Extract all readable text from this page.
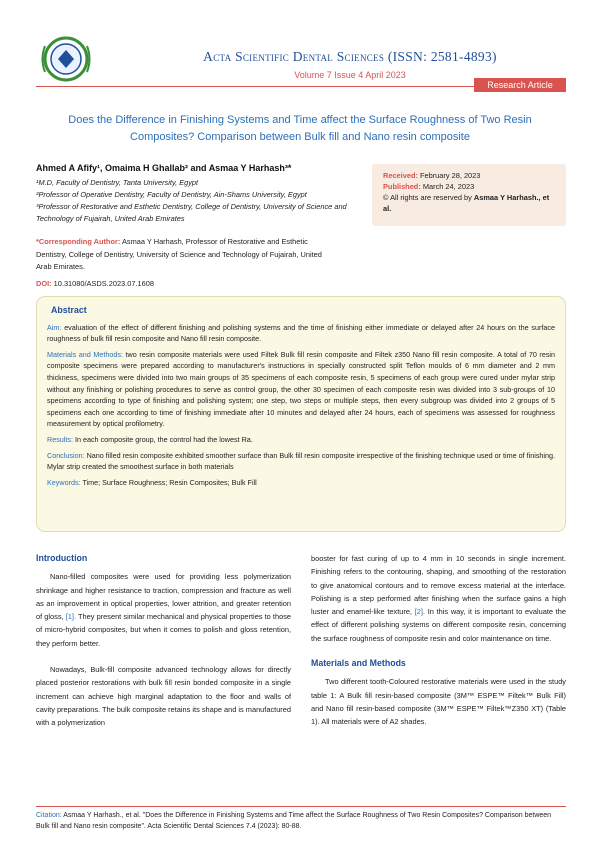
Acta Scientific Dental Sciences (ISSN: 2581-4893)
Volume 7 Issue 4 April 2023
Research Article
Does the Difference in Finishing Systems and Time affect the Surface Roughness of Two Resin Composites? Comparison between Bulk fill and Nano resin composite
Ahmed A Afify¹, Omaima H Ghallab² and Asmaa Y Harhash³*
¹M.D, Faculty of Dentistry, Tanta University, Egypt
²Professor of Operative Dentistry, Faculty of Dentistry, Ain-Shams University, Egypt
³Professor of Restorative and Esthetic Dentistry, College of Dentistry, University of Science and Technology of Fujairah, United Arab Emirates
*Corresponding Author: Asmaa Y Harhash, Professor of Restorative and Esthetic Dentistry, College of Dentistry, University of Science and Technology of Fujairah, United Arab Emirates.
DOI: 10.31080/ASDS.2023.07.1608
Received: February 28, 2023
Published: March 24, 2023
© All rights are reserved by Asmaa Y Harhash., et al.
Abstract

Aim: evaluation of the effect of different finishing and polishing systems and the time of finishing either immediate or delayed after 24 hours on the surface roughness of bulk fill resin composite and Nano fill resin composite.

Materials and Methods: two resin composite materials were used Filtek Bulk fill resin composite and Filtek z350 Nano fill resin composite. A total of 70 resin composite specimens were prepared according to manufacturer's instructions in specially constructed split Teflon moulds of 6 mm diameter and 2 mm thickness, specimens were divided into two main groups of 35 specimens of each composite resin, 5 specimens of each group were cured under mylar strip without any finishing or polishing procedures to serve as control group, the other 30 specimen of each composite resin was divided into 3 sub-groups of 10 specimens according to type of finishing and polishing system; one step, two steps or multiple steps, then every subgroup was divided into 2 groups of 5 specimens each one according to time of finishing immediate after 10 minutes and delayed after 24 hours, each of specimens was assessed for roughness measurement by optical profilometry.

Results: In each composite group, the control had the lowest Ra.

Conclusion: Nano filled resin composite exhibited smoother surface than Bulk fill resin composite irrespective of the finishing technique used or time of finishing. Mylar strip created the smoothest surface in both materials

Keywords: Time; Surface Roughness; Resin Composites; Bulk Fill

Introduction

Nano-filled composites were used for providing less polymerization shrinkage and higher resistance to traction, compression and fracture as well as an improvement in optical properties, lower attrition, and greater retention of gloss, [1]. They present similar mechanical and physical properties to those of micro-hybrid composites, but when it comes to polish and gloss retention, they perform better.

Nowadays, Bulk-fill composite advanced technology allows for directly placed posterior restorations with bulk fill resin bonded composite in a single increment can achieve high marginal adaptation to the floor and walls of cavity preparations. The bulk composite retains its shape and is manufactured with a polymerization

booster for fast curing of up to 4 mm in 10 seconds in single increment. Finishing refers to the contouring, shaping, and smoothing of the restoration to give anatomical contours and to remove excess material at the interface. Polishing is a step performed after finishing when the surface gains a high luster and enamel-like texture, [2]. In this way, it is important to evaluate the effect of different polishing systems on different composite resin, concerning the surface roughness of composite resin and color maintenance on time.

Materials and Methods

Two different tooth-Coloured restorative materials were used in the study table 1: A Bulk fill resin-based composite (3M™ ESPE™ Filtek™ Bulk Fill) and Nano fill resin-based composite (3M™ ESPE™ Filtek™Z350 XT) (Table 1). All materials were of A2 shades.

Citation: Asmaa Y Harhash., et al. "Does the Difference in Finishing Systems and Time affect the Surface Roughness of Two Resin Composites? Comparison between Bulk fill and Nano resin composite". Acta Scientific Dental Sciences 7.4 (2023): 80-88.
